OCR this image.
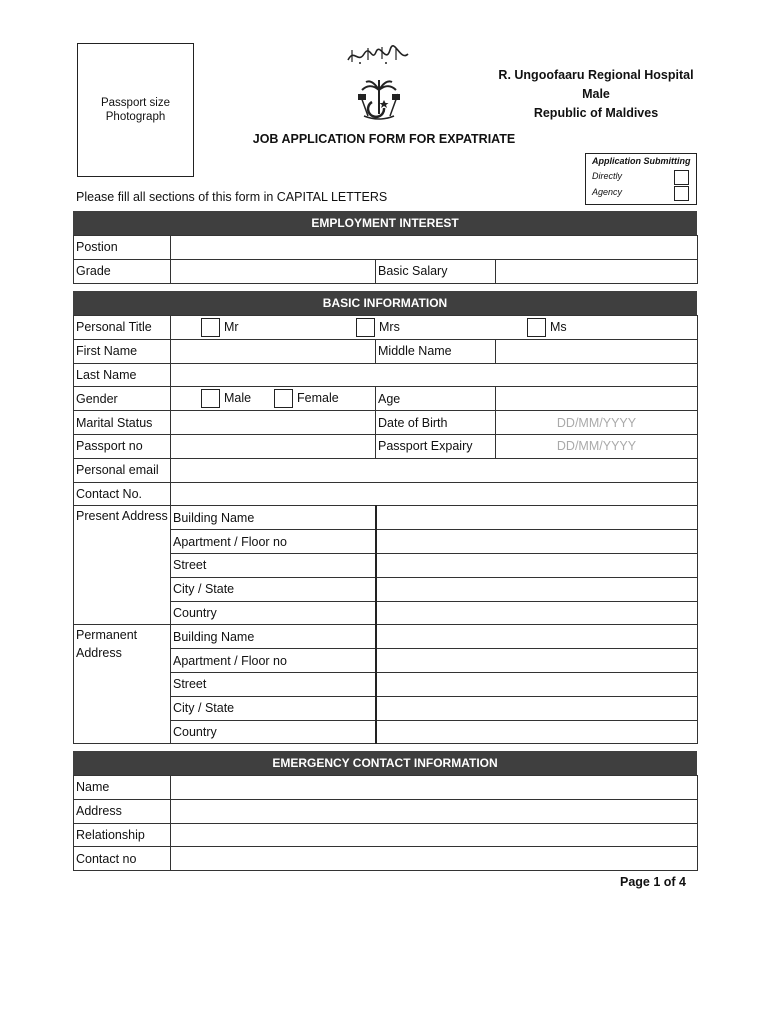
Passport size
Photograph
R. Ungoofaaru Regional Hospital
Male
Republic of Maldives
JOB APPLICATION FORM FOR EXPATRIATE
Application Submitting
Directly
Agency
Please fill all sections of this form in CAPITAL LETTERS
EMPLOYMENT INTEREST
Postion			
Grade		Basic Salary	
BASIC INFORMATION
Personal Title	Mr Mrs Ms		

First Name		Middle Name	
Last Name			
Gender	Male Female	Age	
Marital Status		Date of Birth	DD/MM/YYYY
Passport no		Passport Expairy	DD/MM/YYYY
Personal email			
Contact No.			
Present Address	Building Name		
	Apartment / Floor no		
	Street		
	City / State		
	Country		
Permanent Address	Building Name		
	Apartment / Floor no		
	Street		
	City / State		
	Country		
EMERGENCY CONTACT INFORMATION
Name	
Address	
Relationship	
Contact no	
Page 1 of 4
